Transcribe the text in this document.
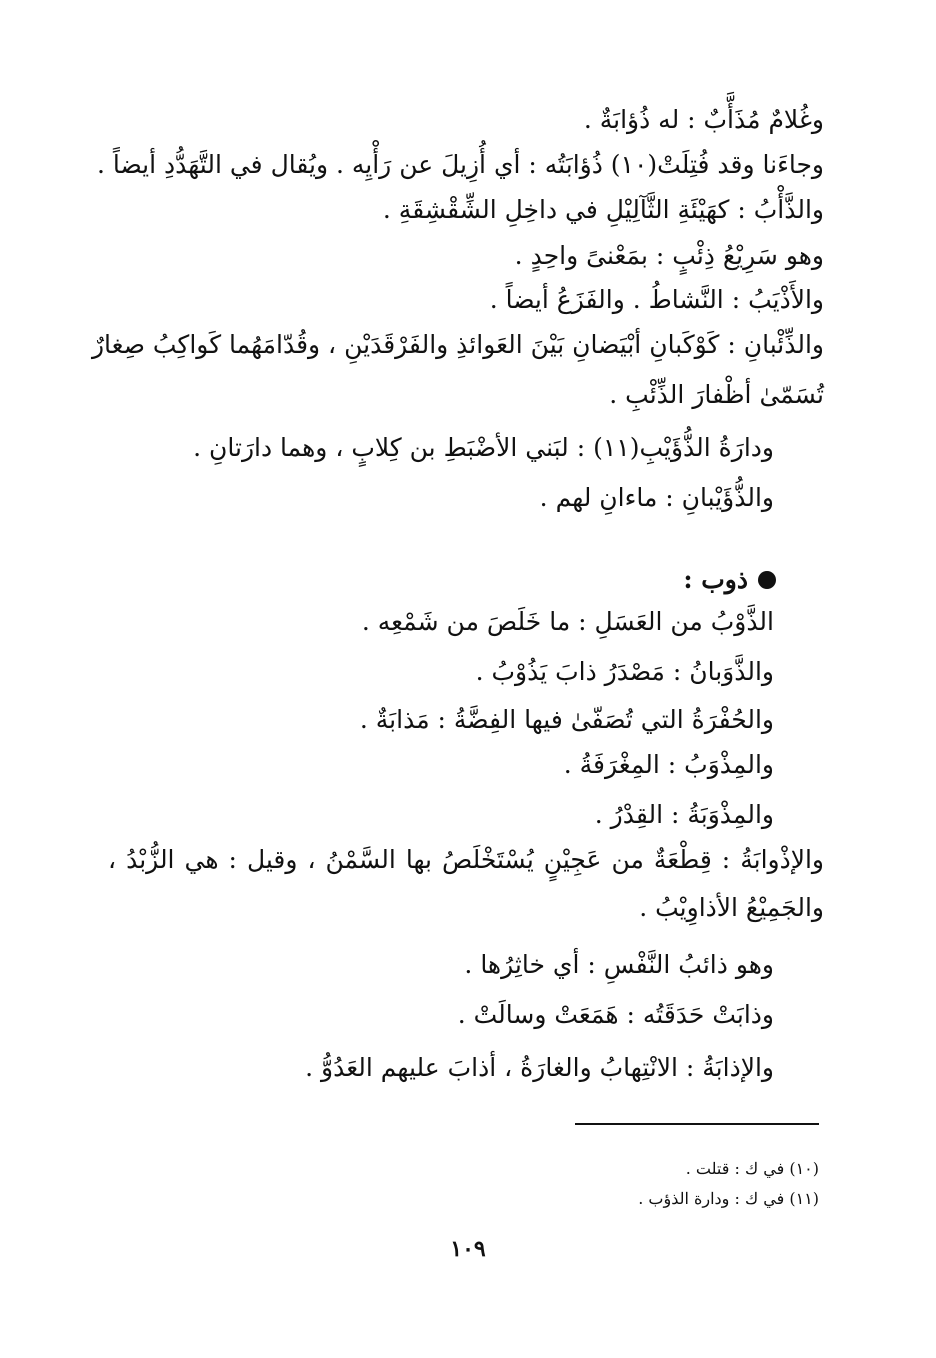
وغُلامٌ مُذَأَّبٌ : له ذُؤابَةٌ .
وجاءَنا وقد فُتِلَتْ(١٠) ذُؤابَتُه : أي أُزِيلَ عن رَأْيِه . ويُقال في التَّهَدُّدِ أيضاً .
والذَّأْبُ : كهَيْئَةِ الثَّآلِيْلِ في داخِلِ الشِّقْشِقَةِ .
وهو سَرِيْعُ ذِئْبٍ : بمَعْنىً واحِدٍ .
والأَذْيَبُ : النَّشاطُ . والفَزَعُ أيضاً .
والذِّئْبانِ : كَوْكَبانِ أبْيَضانِ بَيْنَ العَوائذِ والفَرْقَدَيْنِ ، وقُدّامَهُما كَواكِبُ صِغارٌ
تُسَمّىٰ أظْفارَ الذِّئْبِ .
ودارَةُ الذُّؤَيْبِ(١١) : لبَني الأضْبَطِ بن كِلابٍ ، وهما دارَتانِ .
والذُّؤَيْبانِ : ماءانِ لهم .
ذوب :
الذَّوْبُ من العَسَلِ : ما خَلَصَ من شَمْعِه .
والذَّوَبانُ : مَصْدَرُ ذابَ يَذُوْبُ .
والحُفْرَةُ التي تُصَفّىٰ فيها الفِضَّةُ : مَذابَةٌ .
والمِذْوَبُ : المِغْرَفَةُ .
والمِذْوَبَةُ : القِدْرُ .
والإذْوابَةُ : قِطْعَةٌ من عَجِيْنٍ يُسْتَخْلَصُ بها السَّمْنُ ، وقيل : هي الزُّبْدُ ،
والجَمِيْعُ الأذاوِيْبُ .
وهو ذائبُ النَّفْسِ : أي خاثِرُها .
وذابَتْ حَدَقَتُه : هَمَعَتْ وسالَتْ .
والإذابَةُ : الانْتِهابُ والغارَةُ ، أذابَ عليهم العَدُوُّ .
(١٠) في ك : قتلت .
(١١) في ك : ودارة الذؤب .
١٠٩
